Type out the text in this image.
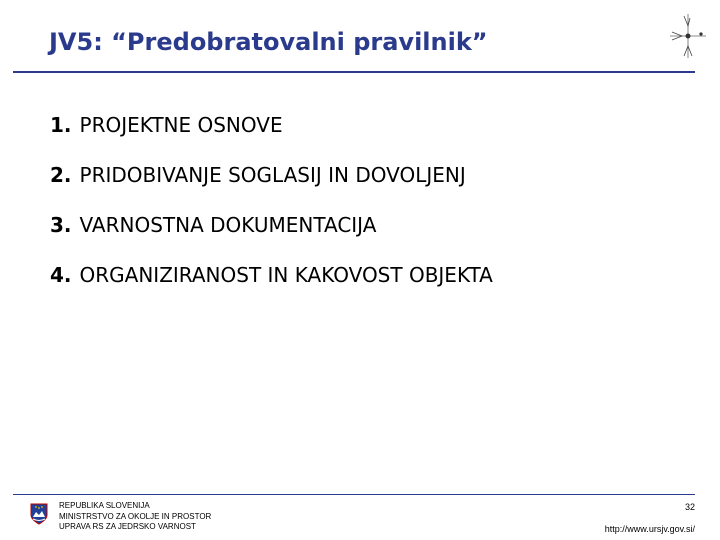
JV5: “Predobratovalni pravilnik”
1. PROJEKTNE OSNOVE
2. PRIDOBIVANJE SOGLASIJ IN DOVOLJENJ
3. VARNOSTNA DOKUMENTACIJA
4. ORGANIZIRANOST IN KAKOVOST OBJEKTA
REPUBLIKA SLOVENIJA
MINISTRSTVO ZA OKOLJE IN PROSTOR
UPRAVA RS ZA JEDRSKO VARNOST
32
http://www.ursjv.gov.si/
